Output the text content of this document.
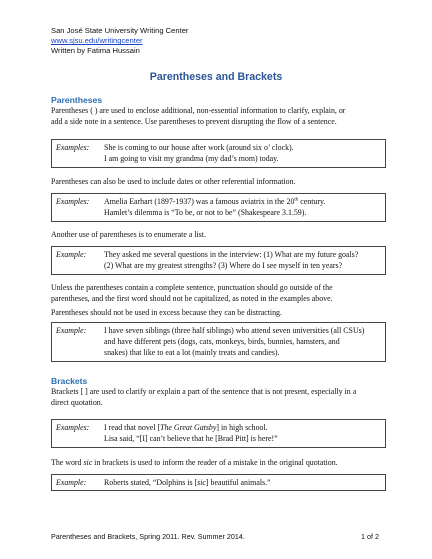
San José State University Writing Center
www.sjsu.edu/writingcenter
Written by Fatima Hussain
Parentheses and Brackets
Parentheses
Parentheses ( ) are used to enclose additional, non-essential information to clarify, explain, or
add a side note in a sentence. Use parentheses to prevent disrupting the flow of a sentence.
Examples: She is coming to our house after work (around six o’ clock).
I am going to visit my grandma (my dad’s mom) today.
Parentheses can also be used to include dates or other referential information.
Examples: Amelia Earhart (1897-1937) was a famous aviatrix in the 20th century.
Hamlet’s dilemma is “To be, or not to be” (Shakespeare 3.1.59).
Another use of parentheses is to enumerate a list.
Example: They asked me several questions in the interview: (1) What are my future goals?
(2) What are my greatest strengths? (3) Where do I see myself in ten years?
Unless the parentheses contain a complete sentence, punctuation should go outside of the
parentheses, and the first word should not be capitalized, as noted in the examples above.
Parentheses should not be used in excess because they can be distracting.
Example: I have seven siblings (three half siblings) who attend seven universities (all CSUs)
and have different pets (dogs, cats, monkeys, birds, bunnies, hamsters, and
snakes) that like to eat a lot (mainly treats and candies).
Brackets
Brackets [ ] are used to clarify or explain a part of the sentence that is not present, especially in a
direct quotation.
Examples: I read that novel [The Great Gatsby] in high school.
Lisa said, “[I] can’t believe that he [Brad Pitt] is here!”
The word sic in brackets is used to inform the reader of a mistake in the original quotation.
Example: Roberts stated, “Dolphins is [sic] beautiful animals.”
Parentheses and Brackets, Spring 2011. Rev. Summer 2014.	1 of 2
